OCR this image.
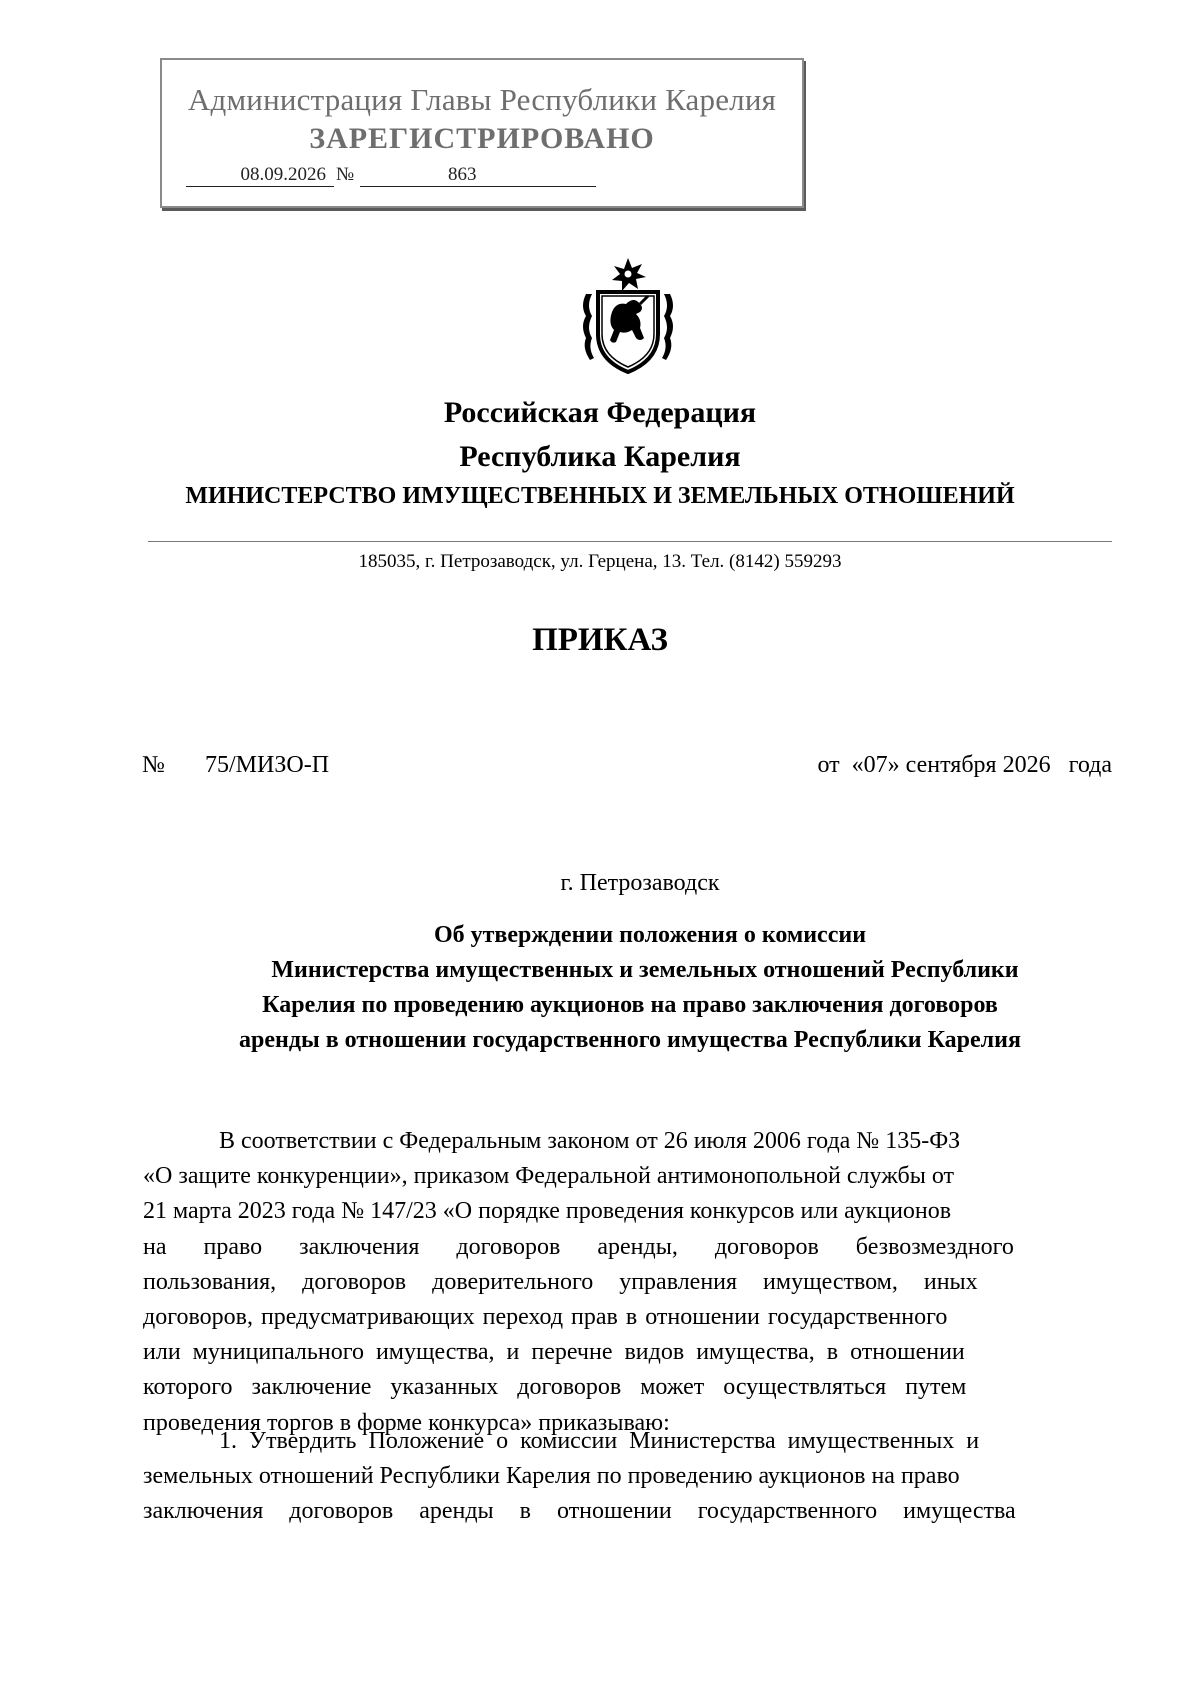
Администрация Главы Республики Карелия
ЗАРЕГИСТРИРОВАНО
08.09.2026 №	863
Российская Федерация
Республика Карелия
МИНИСТЕРСТВО ИМУЩЕСТВЕННЫХ И ЗЕМЕЛЬНЫХ ОТНОШЕНИЙ
185035, г. Петрозаводск, ул. Герцена, 13. Тел. (8142) 559293
ПРИКАЗ
№ 75/МИЗО-П	от  «07» сентября 2026   года
г. Петрозаводск
Об утверждении положения о комиссии
Министерства имущественных и земельных отношений Республики
Карелия по проведению аукционов на право заключения договоров
аренды в отношении государственного имущества Республики Карелия
В соответствии с Федеральным законом от 26 июля 2006 года № 135-ФЗ
«О защите конкуренции», приказом Федеральной антимонопольной службы от
21 марта 2023 года № 147/23 «О порядке проведения конкурсов или аукционов
на право заключения договоров аренды, договоров безвозмездного
пользования, договоров доверительного управления имуществом, иных
договоров, предусматривающих переход прав в отношении государственного
или муниципального имущества, и перечне видов имущества, в отношении
которого заключение указанных договоров может осуществляться путем
проведения торгов в форме конкурса» приказываю:
1. Утвердить Положение о комиссии Министерства имущественных и
земельных отношений Республики Карелия по проведению аукционов на право
заключения договоров аренды в отношении государственного имущества
